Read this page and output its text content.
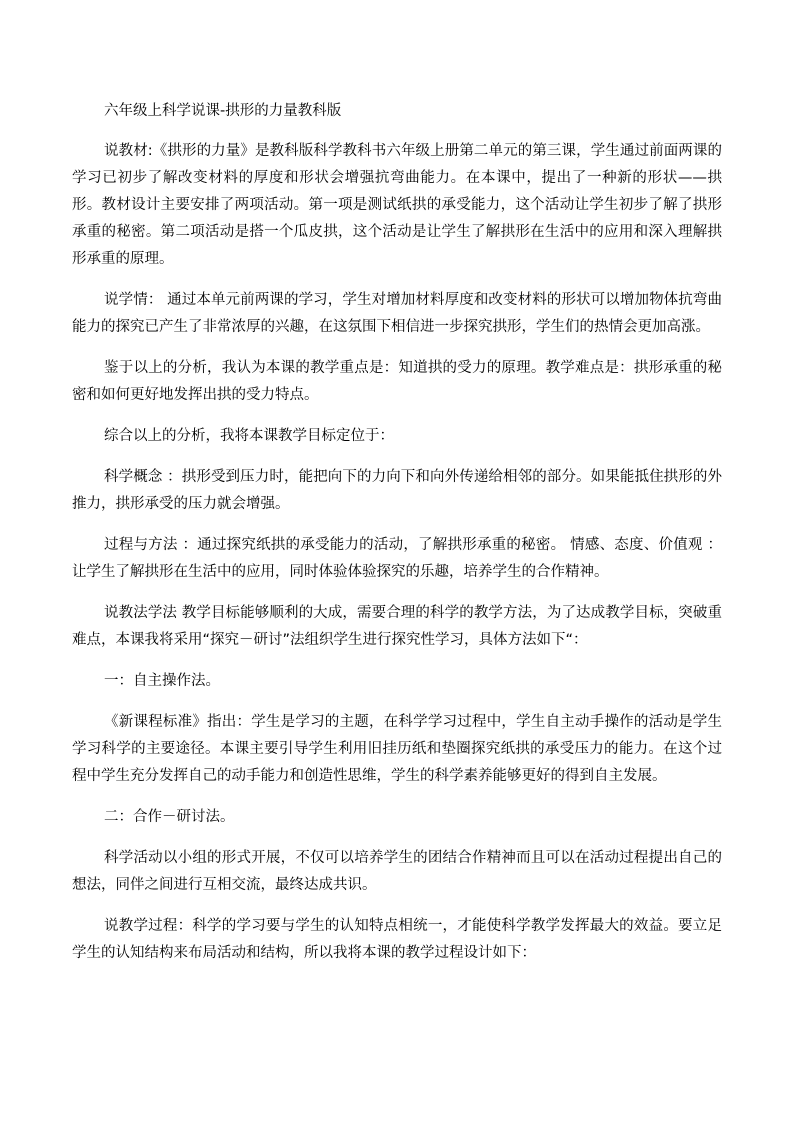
六年级上科学说课-拱形的力量教科版

说教材:《拱形的力量》是教科版科学教科书六年级上册第二单元的第三课，学生通过前面两课的学习已初步了解改变材料的厚度和形状会增强抗弯曲能力。在本课中，提出了一种新的形状——拱形。教材设计主要安排了两项活动。第一项是测试纸拱的承受能力，这个活动让学生初步了解了拱形承重的秘密。第二项活动是搭一个瓜皮拱，这个活动是让学生了解拱形在生活中的应用和深入理解拱形承重的原理。

说学情： 通过本单元前两课的学习，学生对增加材料厚度和改变材料的形状可以增加物体抗弯曲能力的探究已产生了非常浓厚的兴趣，在这氛围下相信进一步探究拱形，学生们的热情会更加高涨。

鉴于以上的分析，我认为本课的教学重点是：知道拱的受力的原理。教学难点是：拱形承重的秘密和如何更好地发挥出拱的受力特点。

综合以上的分析，我将本课教学目标定位于：

科学概念 ：拱形受到压力时，能把向下的力向下和向外传递给相邻的部分。如果能抵住拱形的外推力，拱形承受的压力就会增强。

过程与方法 ：通过探究纸拱的承受能力的活动，了解拱形承重的秘密。 情感、态度、价值观 ：让学生了解拱形在生活中的应用，同时体验体验探究的乐趣，培养学生的合作精神。

说教法学法 教学目标能够顺利的大成，需要合理的科学的教学方法，为了达成教学目标，突破重难点，本课我将采用“探究－研讨”法组织学生进行探究性学习，具体方法如下“：

一：自主操作法。

《新课程标准》指出：学生是学习的主题，在科学学习过程中，学生自主动手操作的活动是学生学习科学的主要途径。本课主要引导学生利用旧挂历纸和垫圈探究纸拱的承受压力的能力。在这个过程中学生充分发挥自己的动手能力和创造性思维，学生的科学素养能够更好的得到自主发展。

二：合作－研讨法。

科学活动以小组的形式开展，不仅可以培养学生的团结合作精神而且可以在活动过程提出自己的想法，同伴之间进行互相交流，最终达成共识。

说教学过程：科学的学习要与学生的认知特点相统一，才能使科学教学发挥最大的效益。要立足学生的认知结构来布局活动和结构，所以我将本课的教学过程设计如下：
